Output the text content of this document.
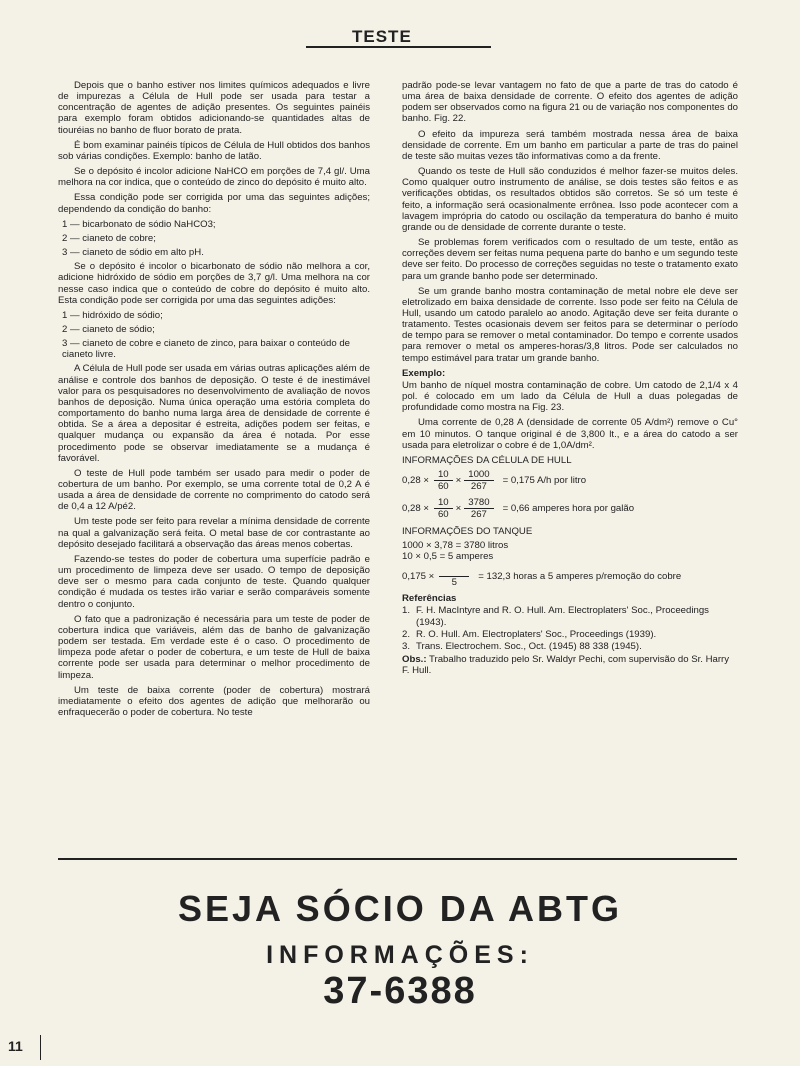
TESTE

Depois que o banho estiver nos limites químicos adequados e livre de impurezas a Célula de Hull pode ser usada para testar a concentração de agentes de adição presentes. Os seguintes painéis para exemplo foram obtidos adicionando-se quantidades altas de tiouréias no banho de fluor borato de prata.

É bom examinar painéis típicos de Célula de Hull obtidos dos banhos sob várias condições. Exemplo: banho de latão.

Se o depósito é incolor adicione NaHCO em porções de 7,4 gl/. Uma melhora na cor indica, que o conteúdo de zinco do depósito é muito alto.

Essa condição pode ser corrigida por uma das seguintes adições; dependendo da condição do banho:

1 — bicarbonato de sódio NaHCO3;
2 — cianeto de cobre;
3 — cianeto de sódio em alto pH.

Se o depósito é incolor o bicarbonato de sódio não melhora a cor, adicione hidróxido de sódio em porções de 3,7 g/l. Uma melhora na cor nesse caso indica que o conteúdo de cobre do depósito é muito alto. Esta condição pode ser corrigida por uma das seguintes adições:

1 — hidróxido de sódio;
2 — cianeto de sódio;
3 — cianeto de cobre e cianeto de zinco, para baixar o conteúdo de cianeto livre.

A Célula de Hull pode ser usada em várias outras aplicações além de análise e controle dos banhos de deposição. O teste é de inestimável valor para os pesquisadores no desenvolvimento de avaliação de novos banhos de deposição. Numa única operação uma estória completa do comportamento do banho numa larga área de densidade de corrente é obtida. Se a área a depositar é estreita, adições podem ser feitas, e qualquer mudança ou expansão da área é notada. Por esse procedimento pode se observar imediatamente se a mudança é favorável.

O teste de Hull pode também ser usado para medir o poder de cobertura de um banho. Por exemplo, se uma corrente total de 0,2 A é usada a área de densidade de corrente no comprimento do catodo será de 0,4 a 12 A/pé2.

Um teste pode ser feito para revelar a mínima densidade de corrente na qual a galvanização será feita. O metal base de cor contrastante ao depósito desejado facilitará a observação das áreas menos cobertas.

Fazendo-se testes do poder de cobertura uma superfície padrão e um procedimento de limpeza deve ser usado. O tempo de deposição deve ser o mesmo para cada conjunto de teste. Quando qualquer condição é mudada os testes irão variar e serão comparáveis somente dentro o conjunto.

O fato que a padronização é necessária para um teste de poder de cobertura indica que variáveis, além das de banho de galvanização podem ser testada. Em verdade este é o caso. O procedimento de limpeza pode afetar o poder de cobertura, e um teste de Hull de baixa corrente pode ser usada para determinar o melhor procedimento de limpeza.

Um teste de baixa corrente (poder de cobertura) mostrará imediatamente o efeito dos agentes de adição que melhorarão ou enfraquecerão o poder de cobertura. No teste

padrão pode-se levar vantagem no fato de que a parte de tras do catodo é uma área de baixa densidade de corrente. O efeito dos agentes de adição podem ser observados como na figura 21 ou de variação nos componentes do banho. Fig. 22.

O efeito da impureza será também mostrada nessa área de baixa densidade de corrente. Em um banho em particular a parte de tras do painel de teste são muitas vezes tão informativas como a da frente.

Quando os teste de Hull são conduzidos é melhor fazer-se muitos deles. Como qualquer outro instrumento de análise, se dois testes são feitos e as verificações obtidas, os resultados obtidos são corretos. Se só um teste é feito, a informação será ocasionalmente errônea. Isso pode acontecer com a lavagem imprópria do catodo ou oscilação da temperatura do banho é muito grande ou de densidade de corrente durante o teste.

Se problemas forem verificados com o resultado de um teste, então as correções devem ser feitas numa pequena parte do banho e um segundo teste deve ser feito. Do processo de correções seguidas no teste o tratamento exato para um grande banho pode ser determinado.

Se um grande banho mostra contaminação de metal nobre ele deve ser eletrolizado em baixa densidade de corrente. Isso pode ser feito na Célula de Hull, usando um catodo paralelo ao anodo. Agitação deve ser feita durante o tratamento. Testes ocasionais devem ser feitos para se determinar o período de tempo para se remover o metal contaminador. Do tempo e corrente usados para remover o metal os amperes-horas/3,8 litros. Pode ser calculados no tempo estimável para tratar um grande banho.

Exemplo:

Um banho de níquel mostra contaminação de cobre. Um catodo de 2,1/4 x 4 pol. é colocado em um lado da Célula de Hull a duas polegadas de profundidade como mostra na Fig. 23.

Uma corrente de 0,28 A (densidade de corrente 05 A/dm²) remove o Cu° em 10 minutos. O tanque original é de 3,800 lt., e a área do catodo a ser usada para eletrolizar o cobre é de 1,0A/dm².

INFORMAÇÕES DA CÉLULA DE HULL
$0,28 \times \frac{10}{60} \times \frac{1000}{267} = 0,175$ A/h por litro
$0,28 \times \frac{10}{60} \times \frac{3780}{267} = 0,66$ amperes hora por galão
INFORMAÇÕES DO TANQUE
1000 × 3,78 = 3780 litros
10 × 0,5 = 5 amperes
0,175 ×
5
= 132,3 horas a 5 amperes p/remoção do cobre
Referências
1. F. H. MacIntyre and R. O. Hull. Am. Electroplaters' Soc., Proceedings (1943).
2. R. O. Hull. Am. Electroplaters' Soc., Proceedings (1939).
3. Trans. Electrochem. Soc., Oct. (1945) 88 338 (1945).
Obs.: Trabalho traduzido pelo Sr. Waldyr Pechi, com supervisão do Sr. Harry F. Hull.
SEJA SÓCIO DA ABTG
INFORMAÇÕES:
37-6388
11
